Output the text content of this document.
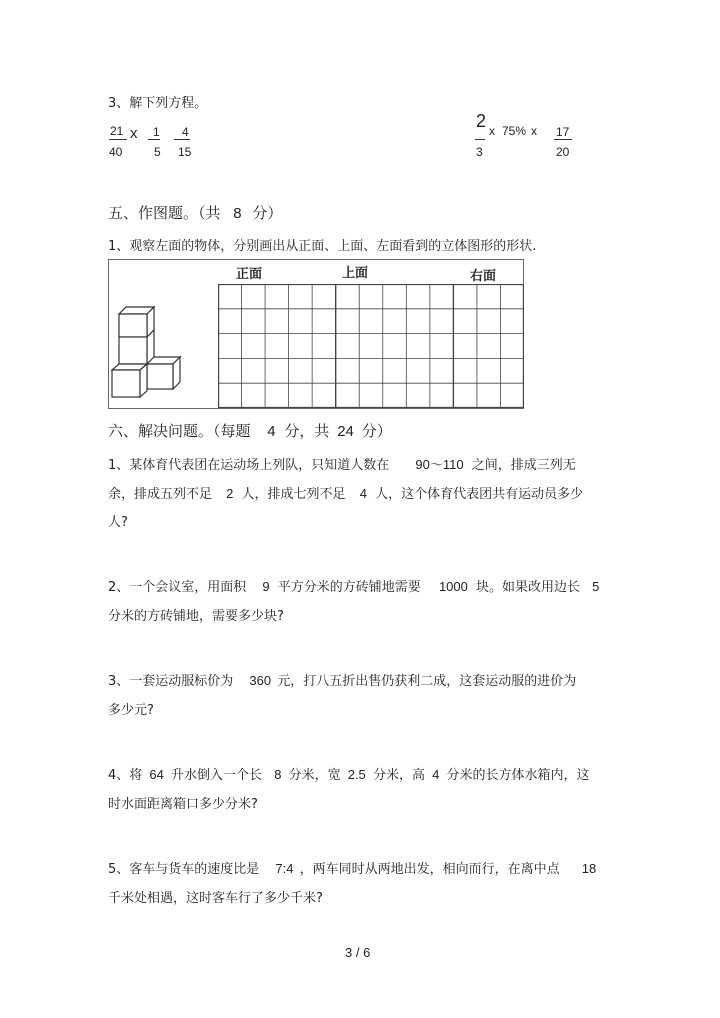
3、解下列方程。
21
40
x 1
5
4
15
2
3
x 75% x 17
20
五、作图题。（共 8 分）
1、观察左面的物体，分别画出从正面、上面、左面看到的立体图形的形状.
正面	上面	右面
六、解决问题。（每题 4 分，共 24 分）
1、某体育代表团在运动场上列队，只知道人数在 90～110 之间，排成三列无
余，排成五列不足 2 人，排成七列不足 4 人，这个体育代表团共有运动员多少
人?
2、一个会议室，用面积 9 平方分米的方砖铺地需要 1000 块。如果改用边长 5
分米的方砖铺地，需要多少块?
3、一套运动服标价为 360 元，打八五折出售仍获利二成，这套运动服的进价为
多少元?
4、将 64 升水倒入一个长 8 分米，宽 2.5 分米，高 4 分米的长方体水箱内，这
时水面距离箱口多少分米?
5、客车与货车的速度比是 7:4 ，两车同时从两地出发，相向而行，在离中点 18
千米处相遇，这时客车行了多少千米?
3 / 6
